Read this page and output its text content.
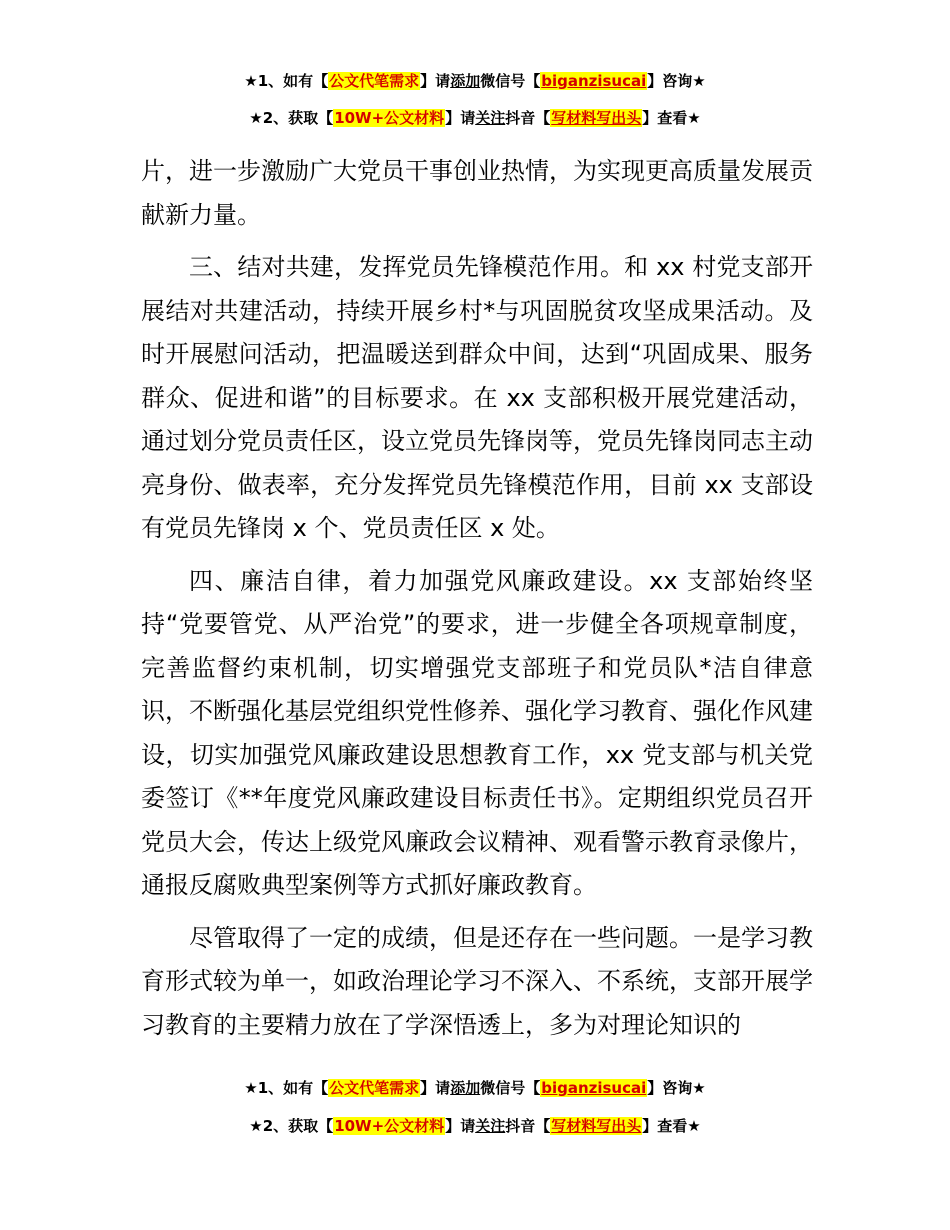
★1、如有【公文代笔需求】请添加微信号【biganzisucai】咨询★
★2、获取【10W+公文材料】请关注抖音【写材料写出头】查看★

片，进一步激励广大党员干事创业热情，为实现更高质量发展贡献新力量。

三、结对共建，发挥党员先锋模范作用。和 xx 村党支部开展结对共建活动，持续开展乡村*与巩固脱贫攻坚成果活动。及时开展慰问活动，把温暖送到群众中间，达到“巩固成果、服务群众、促进和谐”的目标要求。在 xx 支部积极开展党建活动，通过划分党员责任区，设立党员先锋岗等，党员先锋岗同志主动亮身份、做表率，充分发挥党员先锋模范作用，目前 xx 支部设有党员先锋岗 x 个、党员责任区 x 处。

四、廉洁自律，着力加强党风廉政建设。xx 支部始终坚持“党要管党、从严治党”的要求，进一步健全各项规章制度，完善监督约束机制，切实增强党支部班子和党员队*洁自律意识，不断强化基层党组织党性修养、强化学习教育、强化作风建设，切实加强党风廉政建设思想教育工作，xx 党支部与机关党委签订《**年度党风廉政建设目标责任书》。定期组织党员召开党员大会，传达上级党风廉政会议精神、观看警示教育录像片，通报反腐败典型案例等方式抓好廉政教育。

尽管取得了一定的成绩，但是还存在一些问题。一是学习教育形式较为单一，如政治理论学习不深入、不系统，支部开展学习教育的主要精力放在了学深悟透上，多为对理论知识的

★1、如有【公文代笔需求】请添加微信号【biganzisucai】咨询★
★2、获取【10W+公文材料】请关注抖音【写材料写出头】查看★
